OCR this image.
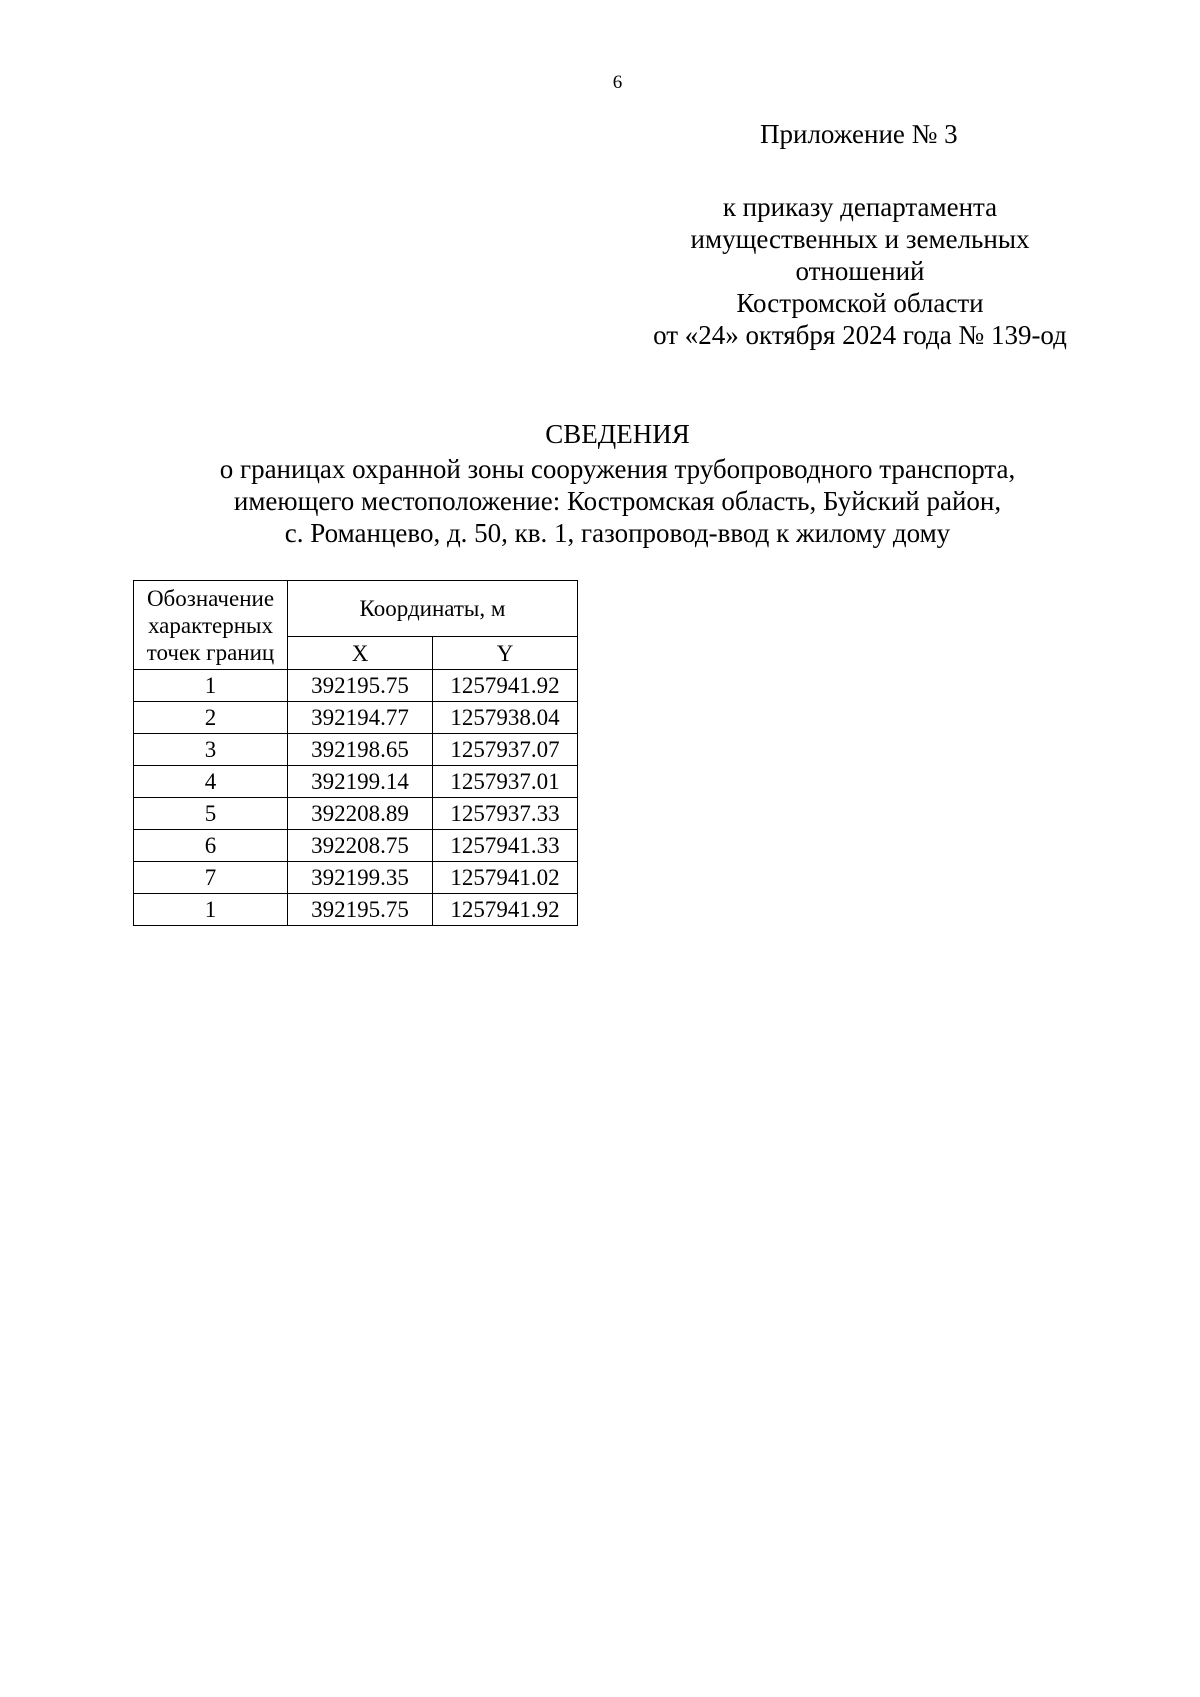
6
Приложение № 3
к приказу департамента
имущественных и земельных
отношений
Костромской области
от «24» октября 2024 года № 139-од
СВЕДЕНИЯ
о границах охранной зоны сооружения трубопроводного транспорта,
имеющего местоположение: Костромская область, Буйский район,
с. Романцево, д. 50, кв. 1, газопровод-ввод к жилому дому
Обозначение
характерных
точек границ	Координаты, м	
	X	Y
1	392195.75	1257941.92
2	392194.77	1257938.04
3	392198.65	1257937.07
4	392199.14	1257937.01
5	392208.89	1257937.33
6	392208.75	1257941.33
7	392199.35	1257941.02
1	392195.75	1257941.92
